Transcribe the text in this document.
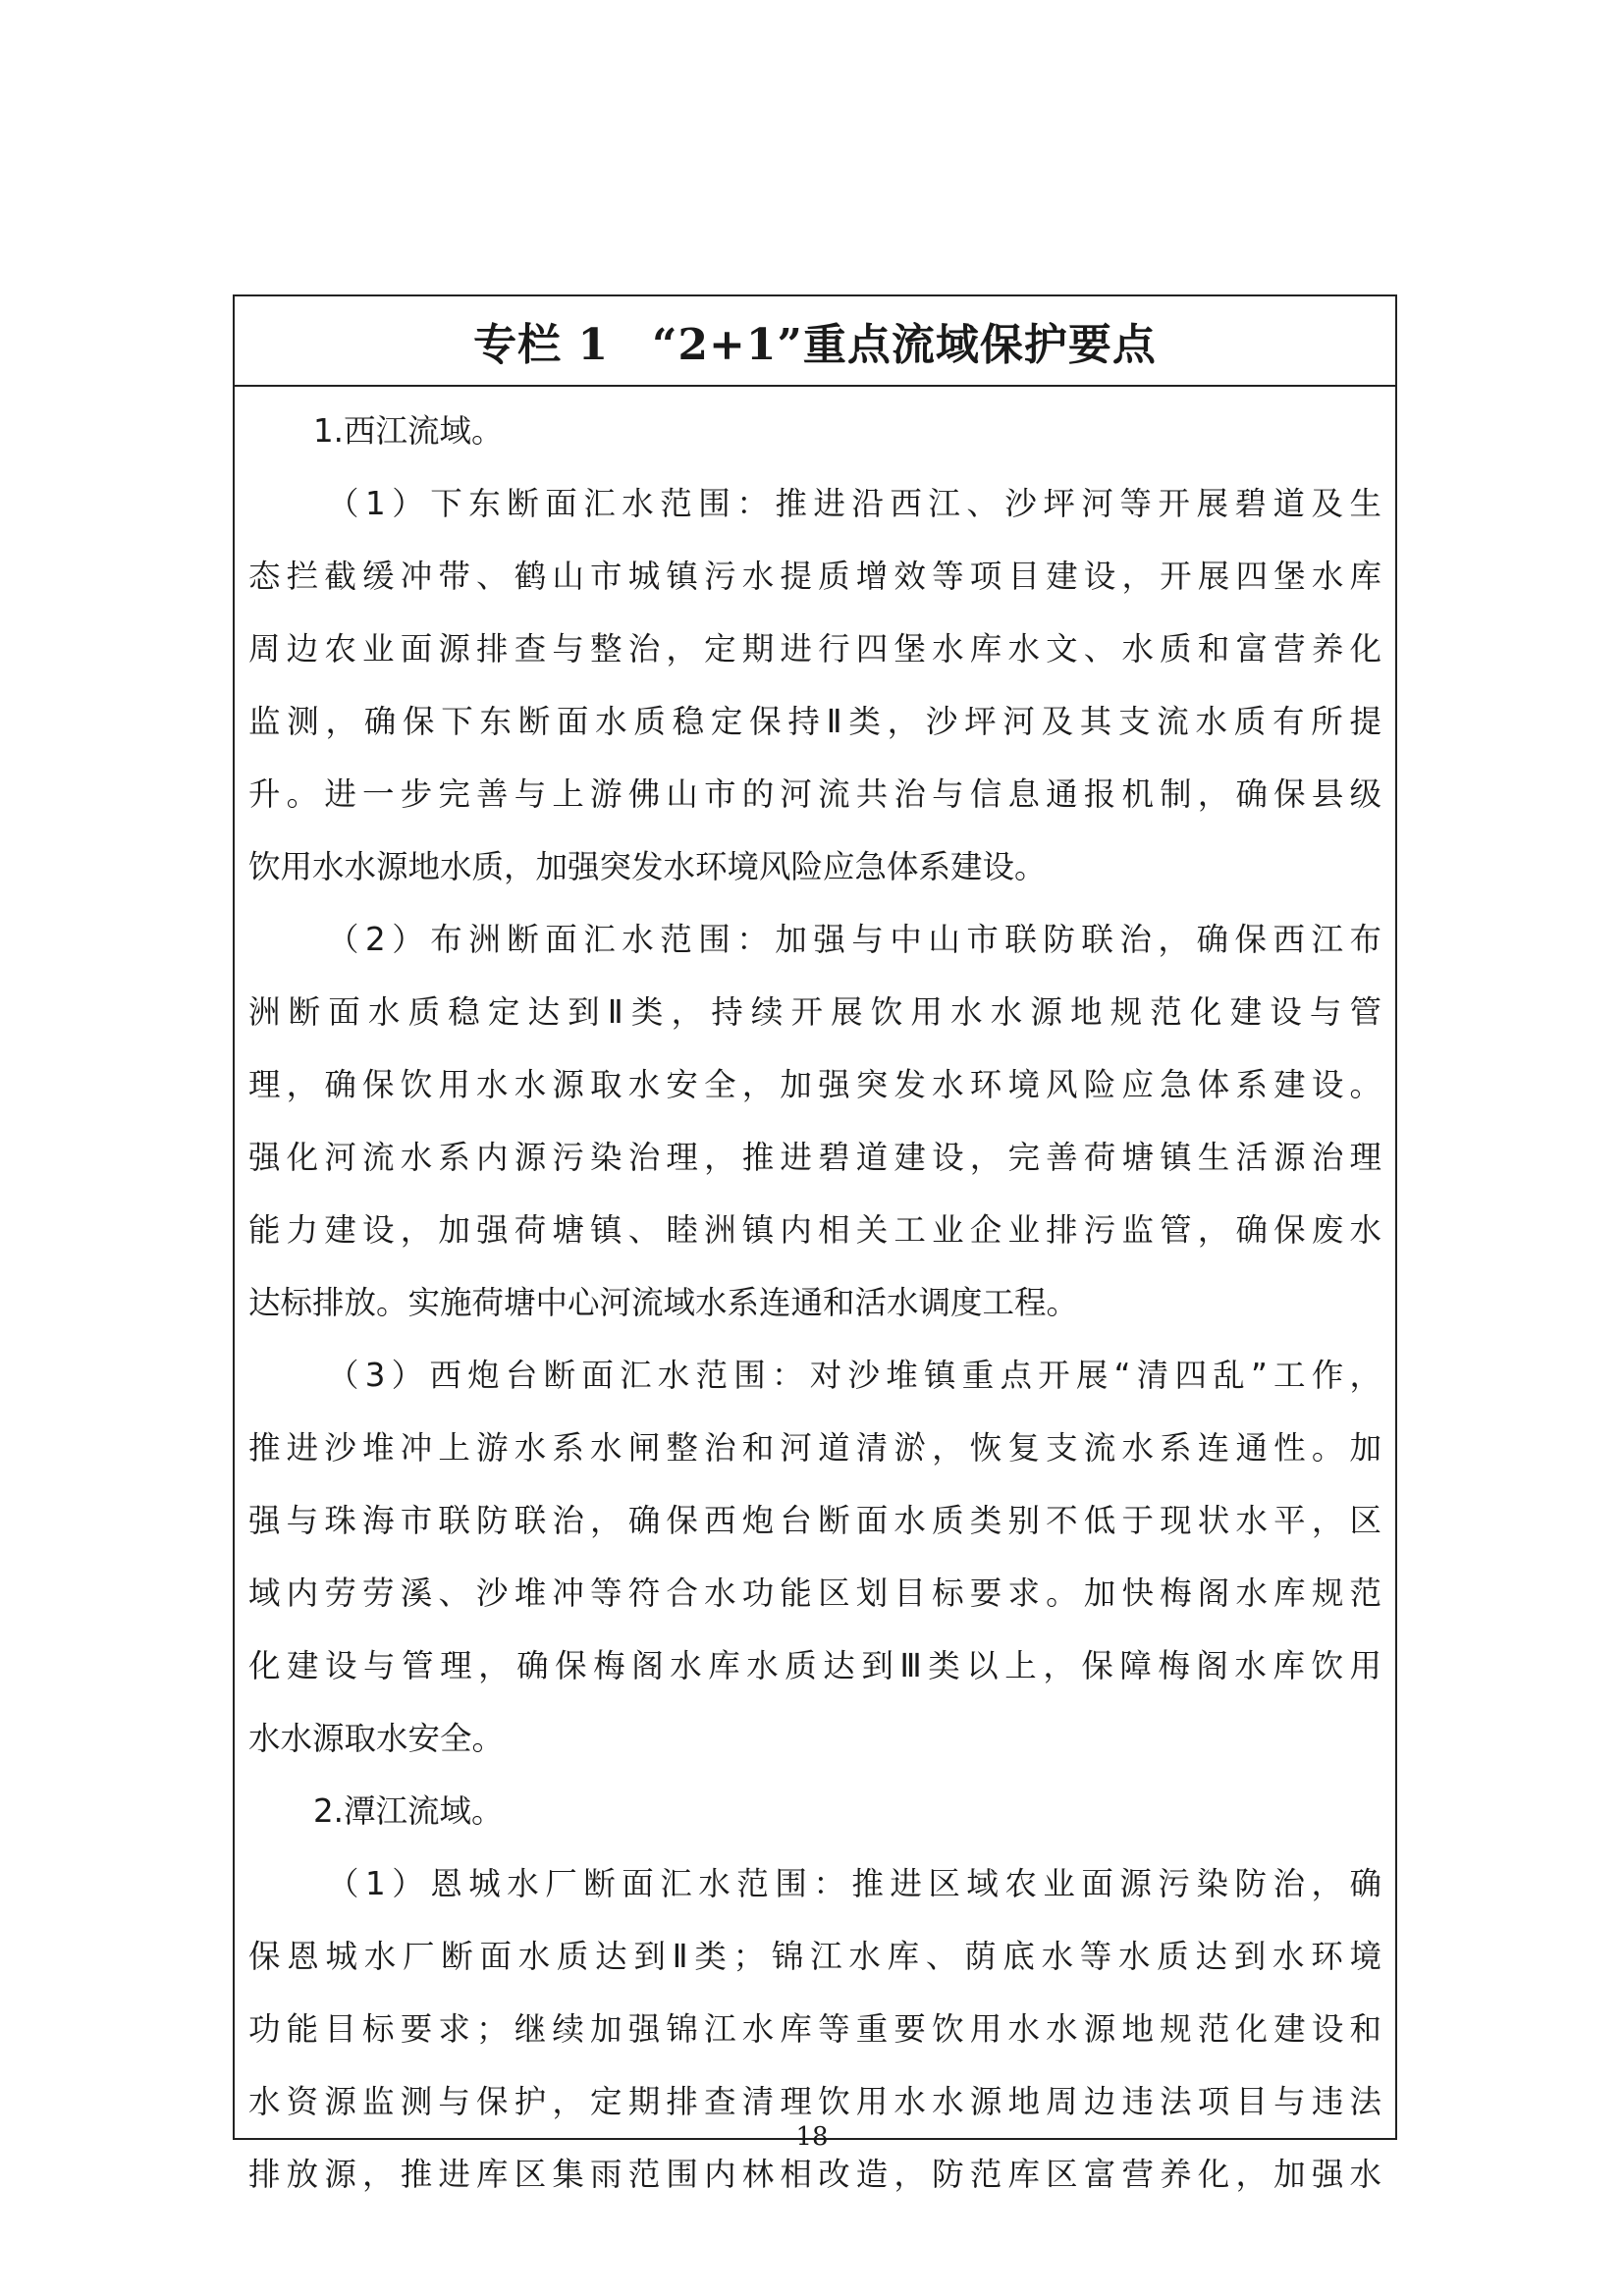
专栏 1 “2+1”重点流域保护要点
1.西江流域。
（1）下东断面汇水范围：推进沿西江、沙坪河等开展碧道及生
态拦截缓冲带、鹤山市城镇污水提质增效等项目建设，开展四堡水库
周边农业面源排查与整治，定期进行四堡水库水文、水质和富营养化
监测，确保下东断面水质稳定保持Ⅱ类，沙坪河及其支流水质有所提
升。进一步完善与上游佛山市的河流共治与信息通报机制，确保县级
饮用水水源地水质，加强突发水环境风险应急体系建设。
（2）布洲断面汇水范围：加强与中山市联防联治，确保西江布
洲断面水质稳定达到Ⅱ类，持续开展饮用水水源地规范化建设与管
理，确保饮用水水源取水安全，加强突发水环境风险应急体系建设。
强化河流水系内源污染治理，推进碧道建设，完善荷塘镇生活源治理
能力建设，加强荷塘镇、睦洲镇内相关工业企业排污监管，确保废水
达标排放。实施荷塘中心河流域水系连通和活水调度工程。
（3）西炮台断面汇水范围：对沙堆镇重点开展“清四乱”工作，
推进沙堆冲上游水系水闸整治和河道清淤，恢复支流水系连通性。加
强与珠海市联防联治，确保西炮台断面水质类别不低于现状水平，区
域内劳劳溪、沙堆冲等符合水功能区划目标要求。加快梅阁水库规范
化建设与管理，确保梅阁水库水质达到Ⅲ类以上，保障梅阁水库饮用
水水源取水安全。
2.潭江流域。
（1）恩城水厂断面汇水范围：推进区域农业面源污染防治，确
保恩城水厂断面水质达到Ⅱ类；锦江水库、荫底水等水质达到水环境
功能目标要求；继续加强锦江水库等重要饮用水水源地规范化建设和
水资源监测与保护，定期排查清理饮用水水源地周边违法项目与违法
排放源，推进库区集雨范围内林相改造，防范库区富营养化，加强水
18
